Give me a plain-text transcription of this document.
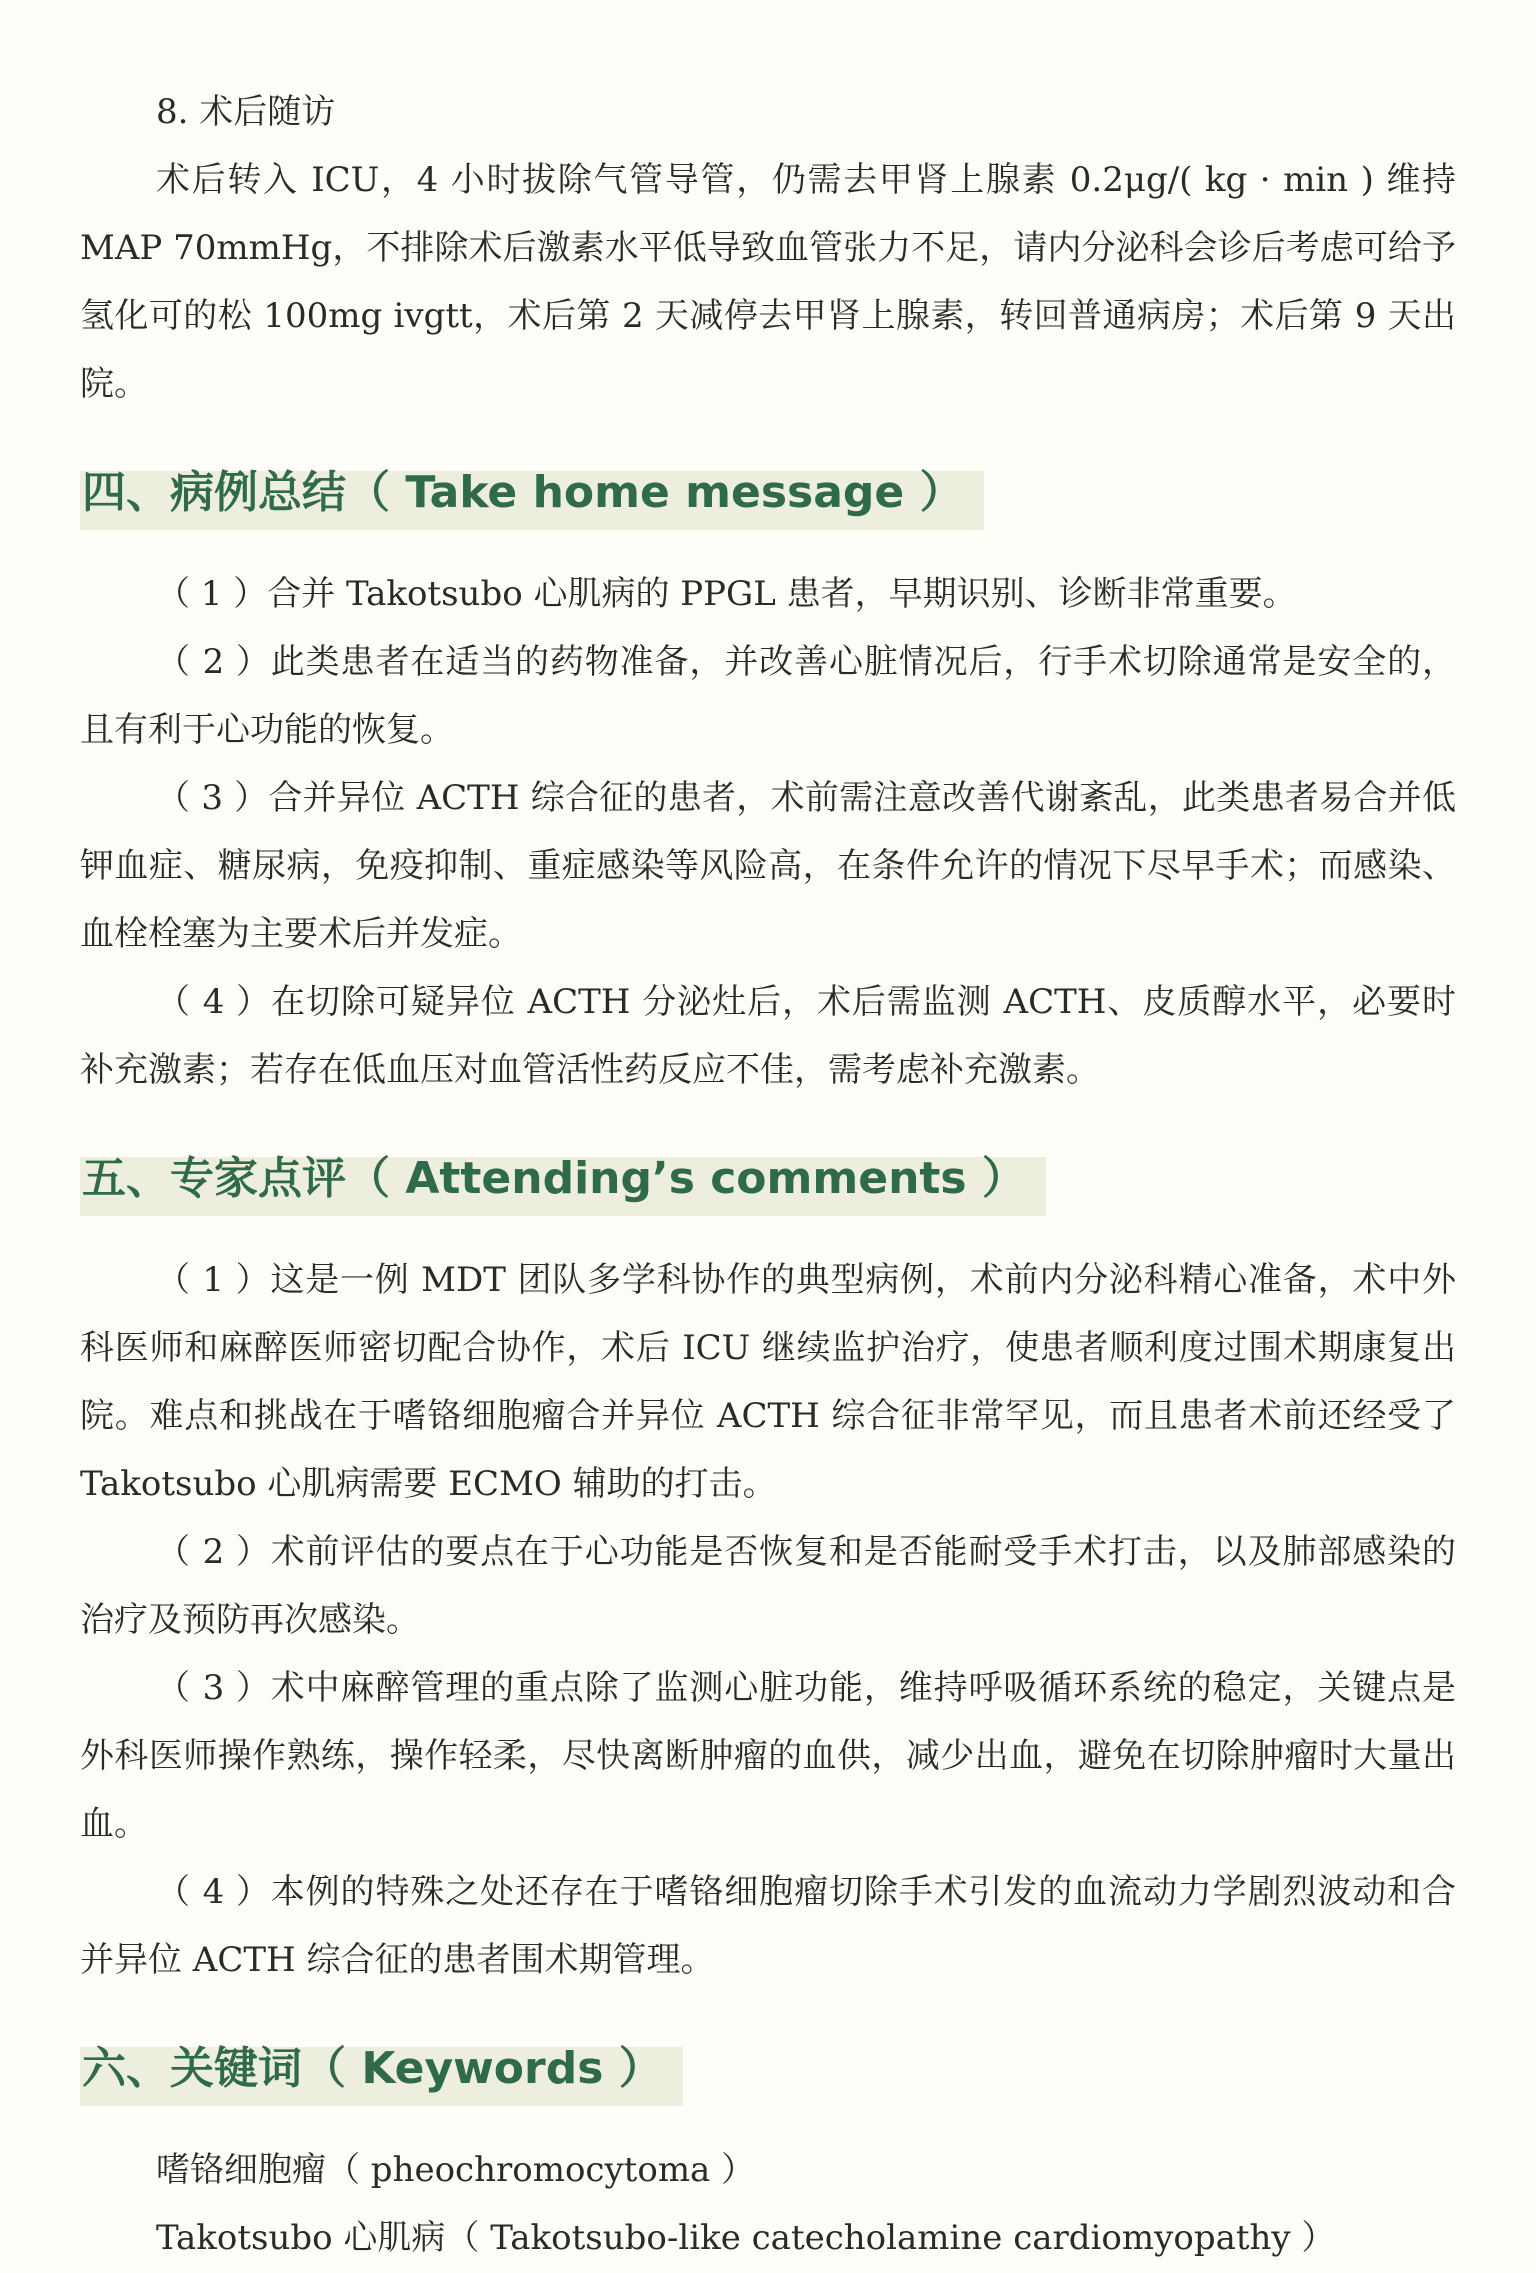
8. 术后随访

术后转入 ICU，4 小时拔除气管导管，仍需去甲肾上腺素 0.2μg/( kg · min ) 维持 MAP 70mmHg，不排除术后激素水平低导致血管张力不足，请内分泌科会诊后考虑可给予氢化可的松 100mg ivgtt，术后第 2 天减停去甲肾上腺素，转回普通病房；术后第 9 天出院。

四、病例总结（ Take home message ）

（ 1 ）合并 Takotsubo 心肌病的 PPGL 患者，早期识别、诊断非常重要。

（ 2 ）此类患者在适当的药物准备，并改善心脏情况后，行手术切除通常是安全的，且有利于心功能的恢复。

（ 3 ）合并异位 ACTH 综合征的患者，术前需注意改善代谢紊乱，此类患者易合并低钾血症、糖尿病，免疫抑制、重症感染等风险高，在条件允许的情况下尽早手术；而感染、血栓栓塞为主要术后并发症。

（ 4 ）在切除可疑异位 ACTH 分泌灶后，术后需监测 ACTH、皮质醇水平，必要时补充激素；若存在低血压对血管活性药反应不佳，需考虑补充激素。

五、专家点评（ Attending’s comments ）

（ 1 ）这是一例 MDT 团队多学科协作的典型病例，术前内分泌科精心准备，术中外科医师和麻醉医师密切配合协作，术后 ICU 继续监护治疗，使患者顺利度过围术期康复出院。难点和挑战在于嗜铬细胞瘤合并异位 ACTH 综合征非常罕见，而且患者术前还经受了 Takotsubo 心肌病需要 ECMO 辅助的打击。

（ 2 ）术前评估的要点在于心功能是否恢复和是否能耐受手术打击，以及肺部感染的治疗及预防再次感染。

（ 3 ）术中麻醉管理的重点除了监测心脏功能，维持呼吸循环系统的稳定，关键点是外科医师操作熟练，操作轻柔，尽快离断肿瘤的血供，减少出血，避免在切除肿瘤时大量出血。

（ 4 ）本例的特殊之处还存在于嗜铬细胞瘤切除手术引发的血流动力学剧烈波动和合并异位 ACTH 综合征的患者围术期管理。

六、关键词（ Keywords ）

嗜铬细胞瘤（ pheochromocytoma ）

Takotsubo 心肌病（ Takotsubo-like catecholamine cardiomyopathy ）
